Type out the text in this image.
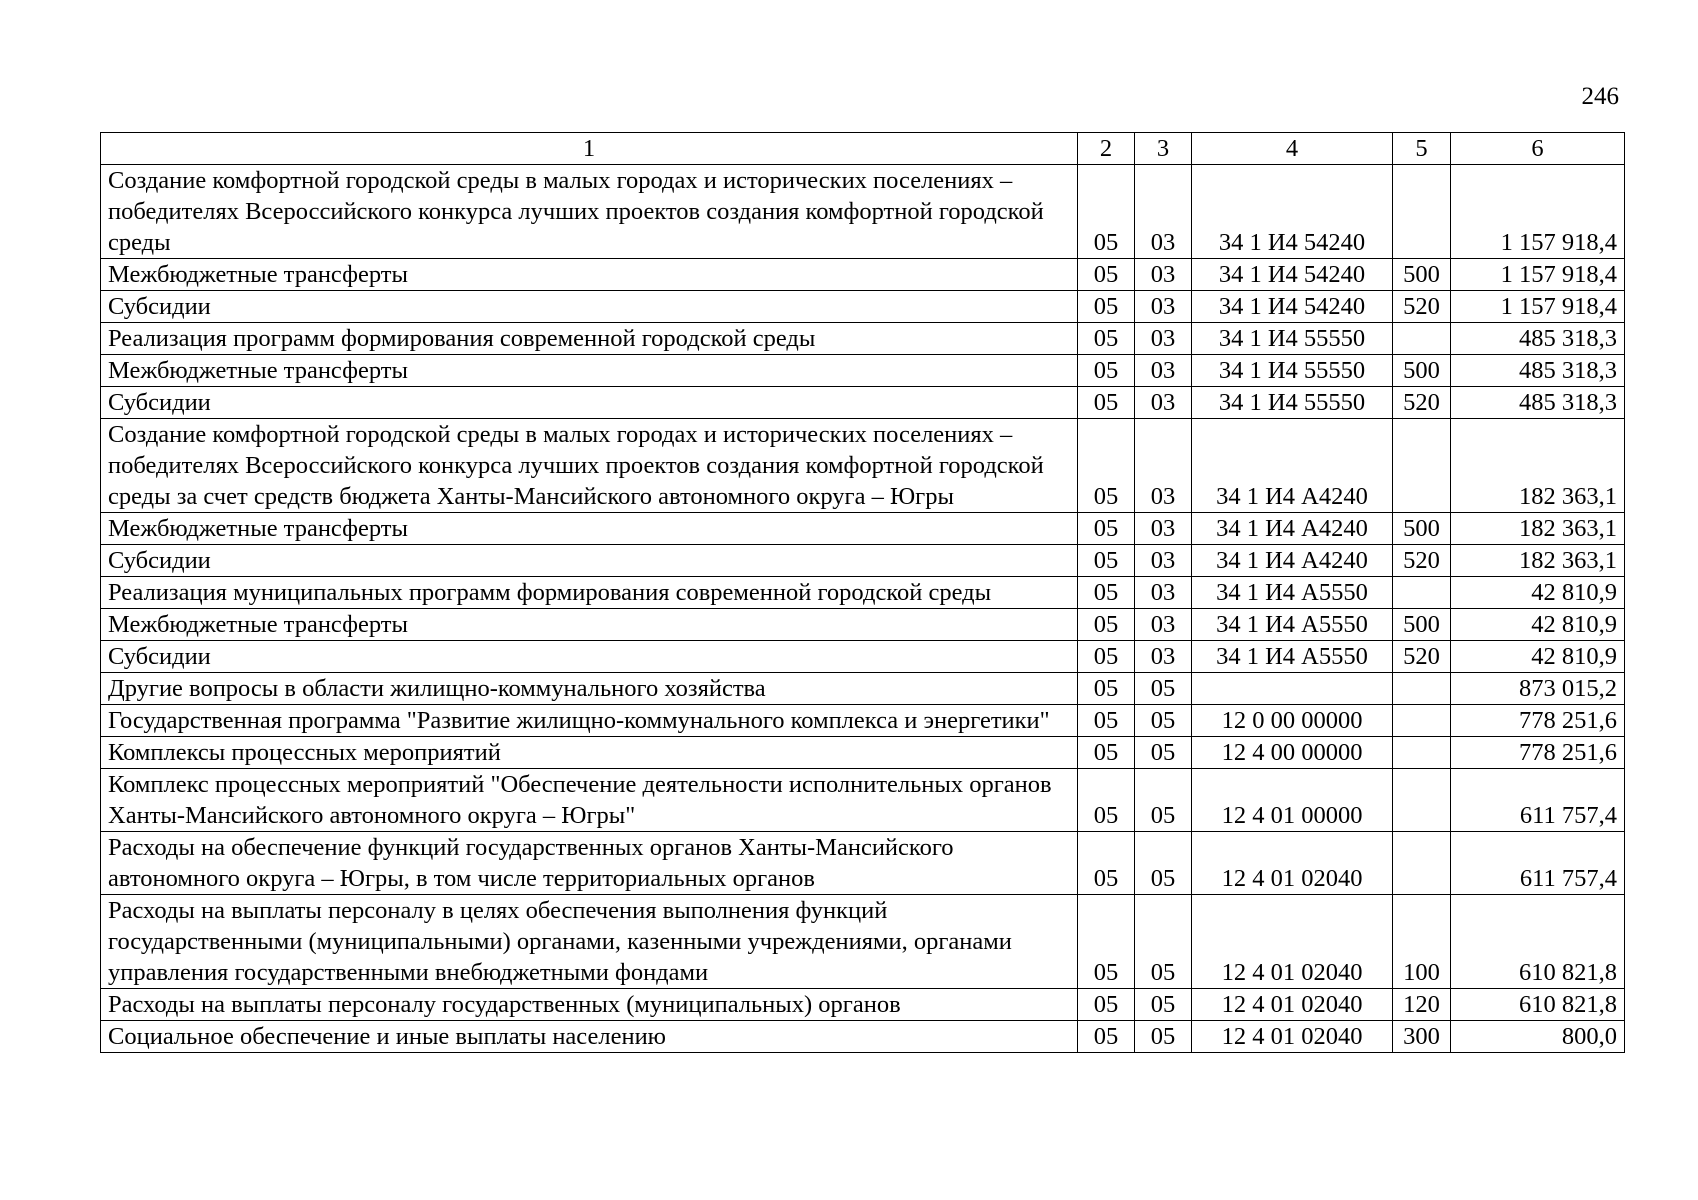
246
1	2	3	4	5	6
Создание комфортной городской среды в малых городах и исторических поселениях – победителях Всероссийского конкурса лучших проектов создания комфортной городской среды	05	03	34 1 И4 54240		1 157 918,4
Межбюджетные трансферты	05	03	34 1 И4 54240	500	1 157 918,4
Субсидии	05	03	34 1 И4 54240	520	1 157 918,4
Реализация программ формирования современной городской среды	05	03	34 1 И4 55550		485 318,3
Межбюджетные трансферты	05	03	34 1 И4 55550	500	485 318,3
Субсидии	05	03	34 1 И4 55550	520	485 318,3
Создание комфортной городской среды в малых городах и исторических поселениях – победителях Всероссийского конкурса лучших проектов создания комфортной городской среды за счет средств бюджета Ханты-Мансийского автономного округа – Югры	05	03	34 1 И4 А4240		182 363,1
Межбюджетные трансферты	05	03	34 1 И4 А4240	500	182 363,1
Субсидии	05	03	34 1 И4 А4240	520	182 363,1
Реализация муниципальных программ формирования современной городской среды	05	03	34 1 И4 А5550		42 810,9
Межбюджетные трансферты	05	03	34 1 И4 А5550	500	42 810,9
Субсидии	05	03	34 1 И4 А5550	520	42 810,9
Другие вопросы в области жилищно-коммунального хозяйства	05	05			873 015,2
Государственная программа "Развитие жилищно-коммунального комплекса и энергетики"	05	05	12 0 00 00000		778 251,6
Комплексы процессных мероприятий	05	05	12 4 00 00000		778 251,6
Комплекс процессных мероприятий "Обеспечение деятельности исполнительных органов Ханты-Мансийского автономного округа – Югры"	05	05	12 4 01 00000		611 757,4
Расходы на обеспечение функций государственных органов Ханты-Мансийского автономного округа – Югры, в том числе территориальных органов	05	05	12 4 01 02040		611 757,4
Расходы на выплаты персоналу в целях обеспечения выполнения функций государственными (муниципальными) органами, казенными учреждениями, органами управления государственными внебюджетными фондами	05	05	12 4 01 02040	100	610 821,8
Расходы на выплаты персоналу государственных (муниципальных) органов	05	05	12 4 01 02040	120	610 821,8
Социальное обеспечение и иные выплаты населению	05	05	12 4 01 02040	300	800,0
